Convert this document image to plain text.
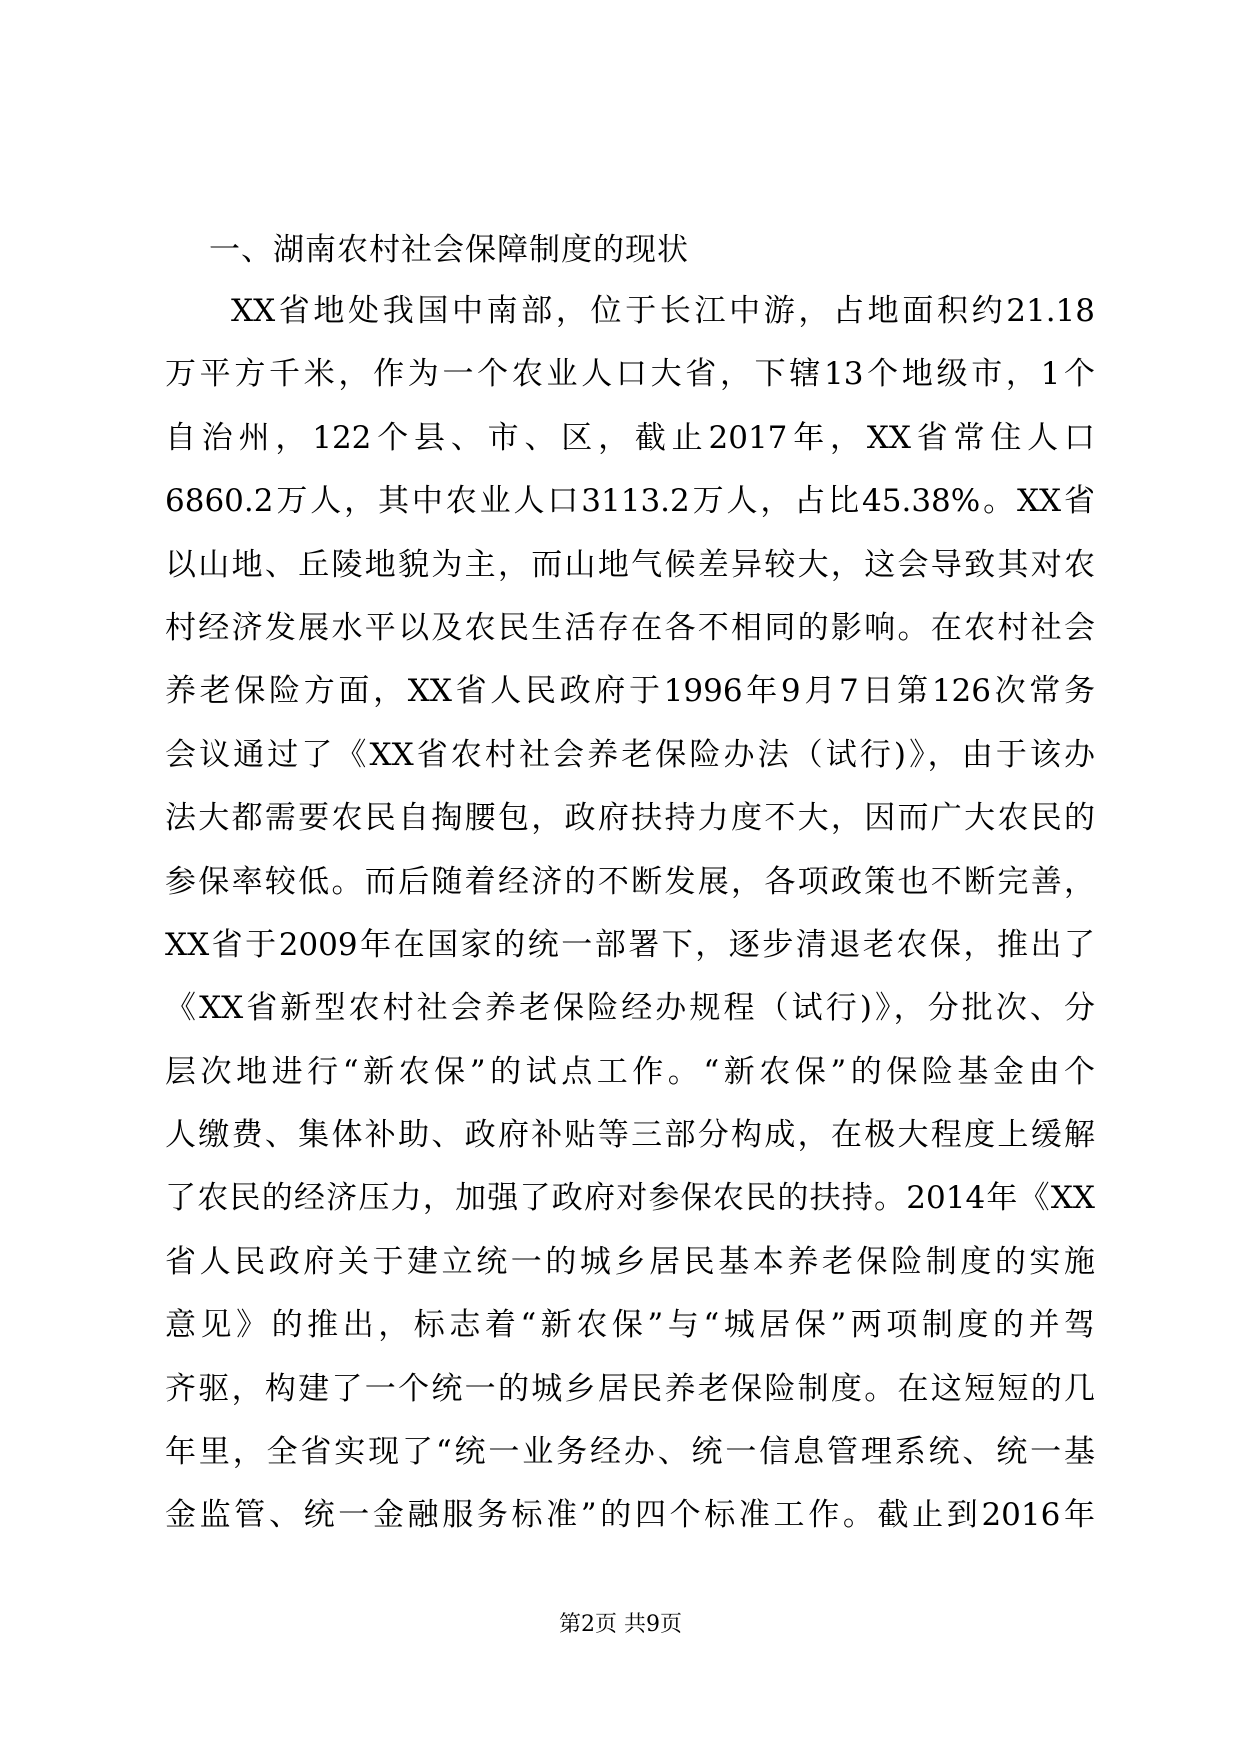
一、湖南农村社会保障制度的现状
XX省地处我国中南部，位于长江中游，占地面积约21.18
万平方千米，作为一个农业人口大省，下辖13个地级市，1个
自治州，122个县、市、区，截止2017年，XX省常住人口
6860.2万人，其中农业人口3113.2万人，占比45.38%。XX省
以山地、丘陵地貌为主，而山地气候差异较大，这会导致其对农
村经济发展水平以及农民生活存在各不相同的影响。在农村社会
养老保险方面，XX省人民政府于1996年9月7日第126次常务
会议通过了《XX省农村社会养老保险办法（试行)》，由于该办
法大都需要农民自掏腰包，政府扶持力度不大，因而广大农民的
参保率较低。而后随着经济的不断发展，各项政策也不断完善，
XX省于2009年在国家的统一部署下，逐步清退老农保，推出了
《XX省新型农村社会养老保险经办规程（试行)》，分批次、分
层次地进行“新农保”的试点工作。“新农保”的保险基金由个
人缴费、集体补助、政府补贴等三部分构成，在极大程度上缓解
了农民的经济压力，加强了政府对参保农民的扶持。2014年《XX
省人民政府关于建立统一的城乡居民基本养老保险制度的实施
意见》的推出，标志着“新农保”与“城居保”两项制度的并驾
齐驱，构建了一个统一的城乡居民养老保险制度。在这短短的几
年里，全省实现了“统一业务经办、统一信息管理系统、统一基
金监管、统一金融服务标准”的四个标准工作。截止到2016年
第2页 共9页
